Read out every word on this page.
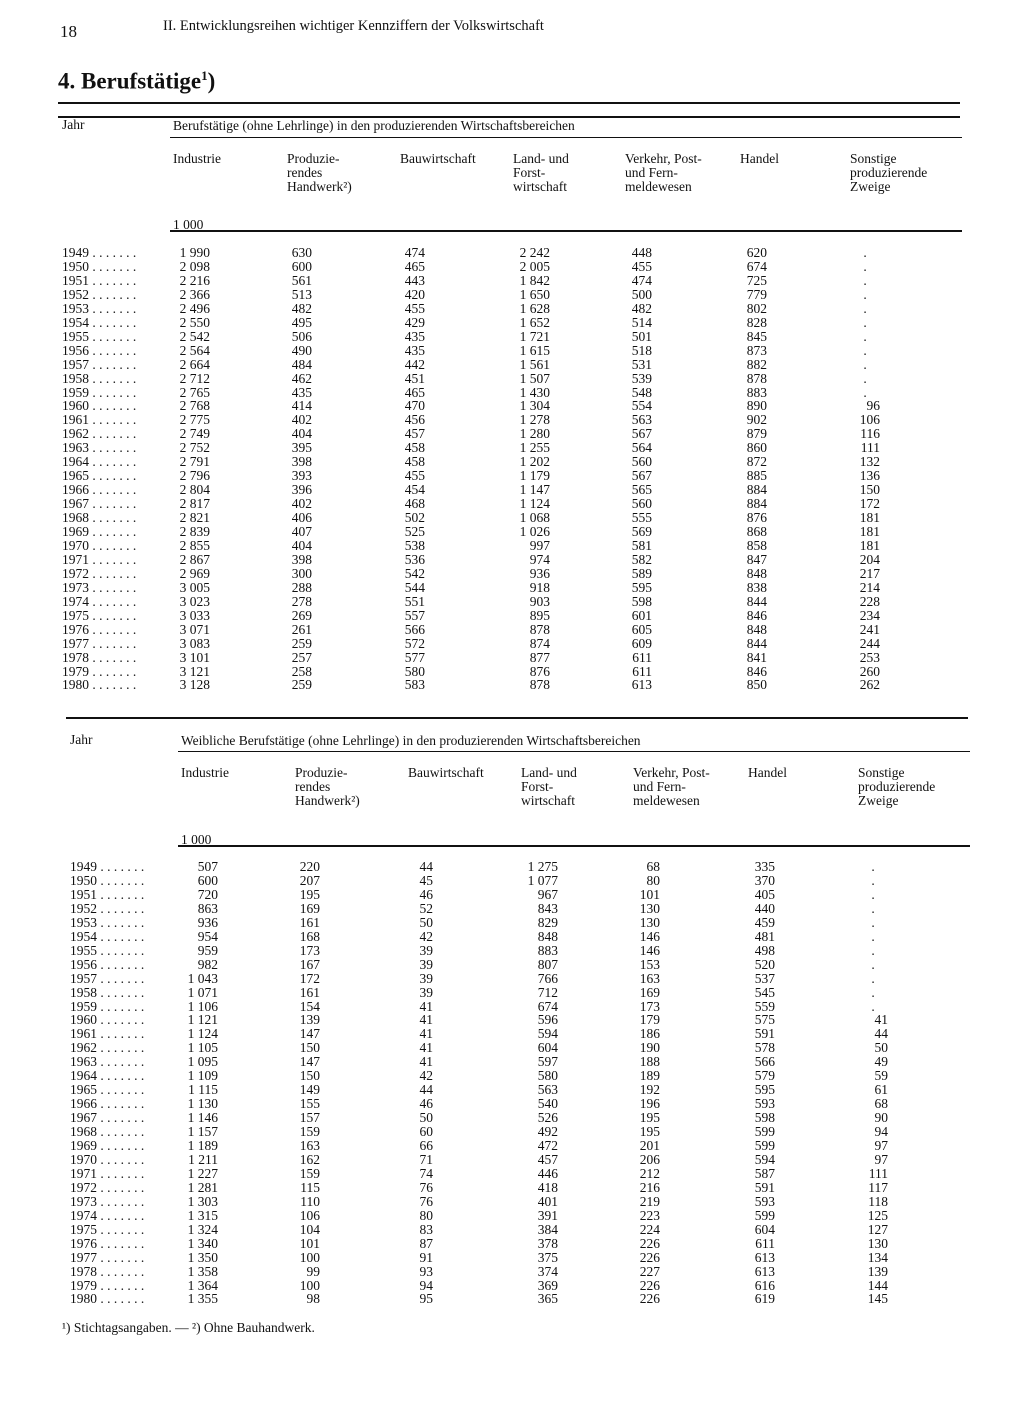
18	II. Entwicklungsreihen wichtiger Kennziffern der Volkswirtschaft
4. Berufstätige$^1$)
Jahr	Berufstätige (ohne Lehrlinge) in den produzierenden Wirtschaftsbereichen
Industrie	Produzie-
rendes
Handwerk²)
Bauwirtschaft	Land- und
Forst-
wirtschaft
Verkehr, Post-
und Fern-
meldewesen
Handel	Sonstige
produzierende
Zweige
1 000
1949 . . . . . . .	1 990	630	474	2 242	448	620	.
1950 . . . . . . .	2 098	600	465	2 005	455	674	.
1951 . . . . . . .	2 216	561	443	1 842	474	725	.
1952 . . . . . . .	2 366	513	420	1 650	500	779	.
1953 . . . . . . .	2 496	482	455	1 628	482	802	.
1954 . . . . . . .	2 550	495	429	1 652	514	828	.
1955 . . . . . . .	2 542	506	435	1 721	501	845	.
1956 . . . . . . .	2 564	490	435	1 615	518	873	.
1957 . . . . . . .	2 664	484	442	1 561	531	882	.
1958 . . . . . . .	2 712	462	451	1 507	539	878	.
1959 . . . . . . .	2 765	435	465	1 430	548	883	.
1960 . . . . . . .	2 768	414	470	1 304	554	890	96
1961 . . . . . . .	2 775	402	456	1 278	563	902	106
1962 . . . . . . .	2 749	404	457	1 280	567	879	116
1963 . . . . . . .	2 752	395	458	1 255	564	860	111
1964 . . . . . . .	2 791	398	458	1 202	560	872	132
1965 . . . . . . .	2 796	393	455	1 179	567	885	136
1966 . . . . . . .	2 804	396	454	1 147	565	884	150
1967 . . . . . . .	2 817	402	468	1 124	560	884	172
1968 . . . . . . .	2 821	406	502	1 068	555	876	181
1969 . . . . . . .	2 839	407	525	1 026	569	868	181
1970 . . . . . . .	2 855	404	538	997	581	858	181
1971 . . . . . . .	2 867	398	536	974	582	847	204
1972 . . . . . . .	2 969	300	542	936	589	848	217
1973 . . . . . . .	3 005	288	544	918	595	838	214
1974 . . . . . . .	3 023	278	551	903	598	844	228
1975 . . . . . . .	3 033	269	557	895	601	846	234
1976 . . . . . . .	3 071	261	566	878	605	848	241
1977 . . . . . . .	3 083	259	572	874	609	844	244
1978 . . . . . . .	3 101	257	577	877	611	841	253
1979 . . . . . . .	3 121	258	580	876	611	846	260
1980 . . . . . . .	3 128	259	583	878	613	850	262
Jahr	Weibliche Berufstätige (ohne Lehrlinge) in den produzierenden Wirtschaftsbereichen
Industrie	Produzie-
rendes
Handwerk²)
Bauwirtschaft	Land- und
Forst-
wirtschaft
Verkehr, Post-
und Fern-
meldewesen
Handel	Sonstige
produzierende
Zweige
1 000
1949 . . . . . . .	507	220	44	1 275	68	335	.
1950 . . . . . . .	600	207	45	1 077	80	370	.
1951 . . . . . . .	720	195	46	967	101	405	.
1952 . . . . . . .	863	169	52	843	130	440	.
1953 . . . . . . .	936	161	50	829	130	459	.
1954 . . . . . . .	954	168	42	848	146	481	.
1955 . . . . . . .	959	173	39	883	146	498	.
1956 . . . . . . .	982	167	39	807	153	520	.
1957 . . . . . . .	1 043	172	39	766	163	537	.
1958 . . . . . . .	1 071	161	39	712	169	545	.
1959 . . . . . . .	1 106	154	41	674	173	559	.
1960 . . . . . . .	1 121	139	41	596	179	575	41
1961 . . . . . . .	1 124	147	41	594	186	591	44
1962 . . . . . . .	1 105	150	41	604	190	578	50
1963 . . . . . . .	1 095	147	41	597	188	566	49
1964 . . . . . . .	1 109	150	42	580	189	579	59
1965 . . . . . . .	1 115	149	44	563	192	595	61
1966 . . . . . . .	1 130	155	46	540	196	593	68
1967 . . . . . . .	1 146	157	50	526	195	598	90
1968 . . . . . . .	1 157	159	60	492	195	599	94
1969 . . . . . . .	1 189	163	66	472	201	599	97
1970 . . . . . . .	1 211	162	71	457	206	594	97
1971 . . . . . . .	1 227	159	74	446	212	587	111
1972 . . . . . . .	1 281	115	76	418	216	591	117
1973 . . . . . . .	1 303	110	76	401	219	593	118
1974 . . . . . . .	1 315	106	80	391	223	599	125
1975 . . . . . . .	1 324	104	83	384	224	604	127
1976 . . . . . . .	1 340	101	87	378	226	611	130
1977 . . . . . . .	1 350	100	91	375	226	613	134
1978 . . . . . . .	1 358	99	93	374	227	613	139
1979 . . . . . . .	1 364	100	94	369	226	616	144
1980 . . . . . . .	1 355	98	95	365	226	619	145
¹) Stichtagsangaben. — ²) Ohne Bauhandwerk.
